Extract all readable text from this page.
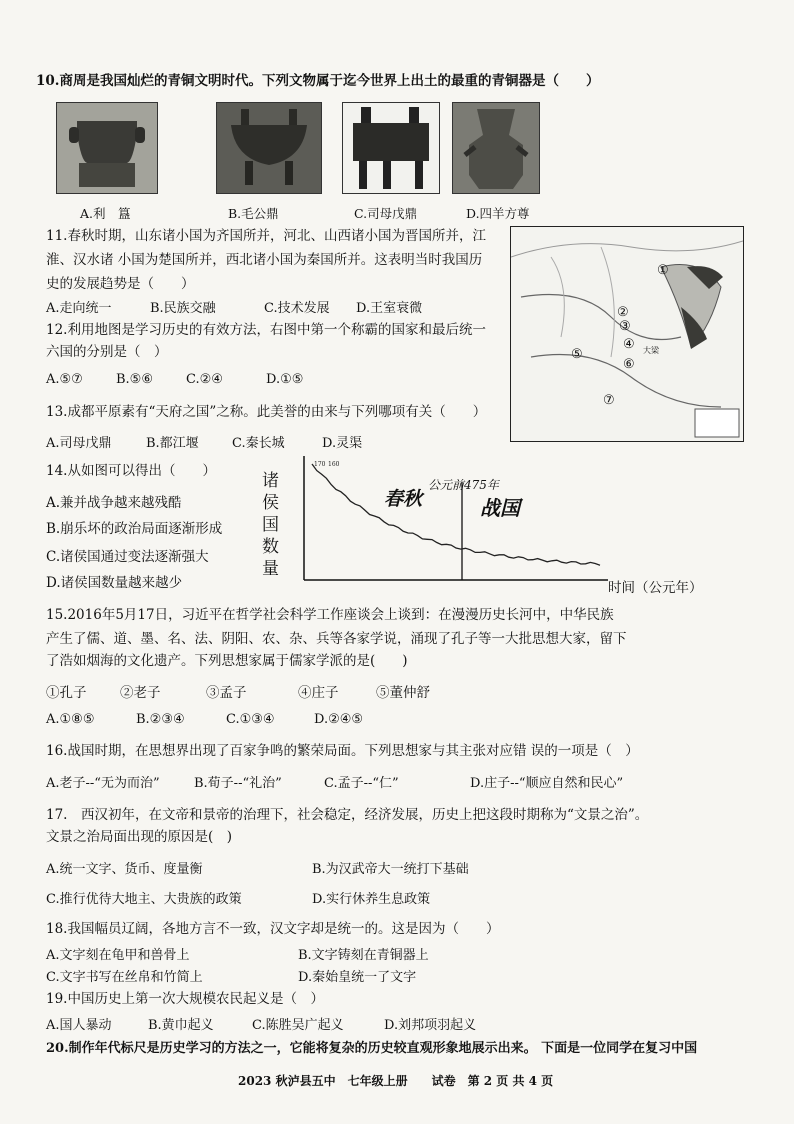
10.商周是我国灿烂的青铜文明时代。下列文物属于迄今世界上出土的最重的青铜器是（　　）
A.利　簋	B.毛公鼎	C.司母戊鼎	D.四羊方尊
11.春秋时期，山东诸小国为齐国所并，河北、山西诸小国为晋国所并，江
淮、汉水诸 小国为楚国所并，西北诸小国为秦国所并。这表明当时我国历
史的发展趋势是（　　）
A.走向统一	B.民族交融	C.技术发展 D.王室衰微
①
②
③
④
⑤
⑥
⑦
大梁
12.利用地图是学习历史的有效方法，右图中第一个称霸的国家和最后统一
六国的分别是（　）
A.⑤⑦	B.⑤⑥	C.②④	D.①⑤
13.成都平原素有“天府之国”之称。此美誉的由来与下列哪项有关（　　）
A.司母戊鼎	B.都江堰	C.秦长城	D.灵渠
14.从如图可以得出（　　）
A.兼并战争越来越残酷
B.崩乐坏的政治局面逐渐形成
C.诸侯国通过变法逐渐强大
D.诸侯国数量越来越少
诸侯国数量
170 160
春秋
公元前475年
战国
时间（公元年）
15.2016年5月17日，习近平在哲学社会科学工作座谈会上谈到：在漫漫历史长河中，中华民族
产生了儒、道、墨、名、法、阴阳、农、杂、兵等各家学说，涌现了孔子等一大批思想大家，留下
了浩如烟海的文化遗产。下列思想家属于儒家学派的是(　　)
①孔子 ②老子	③孟子	④庄子	⑤董仲舒
A.①⑧⑤	B.②③④	C.①③④	D.②④⑤
16.战国时期，在思想界出现了百家争鸣的繁荣局面。下列思想家与其主张对应错 误的一项是（　）
A.老子--“无为而治”	B.荀子--“礼治”	C.孟子--“仁”	D.庄子--“顺应自然和民心”
17.　西汉初年，在文帝和景帝的治理下，社会稳定，经济发展，历史上把这段时期称为“文景之治”。
文景之治局面出现的原因是(　)
A.统一文字、货币、度量衡	B.为汉武帝大一统打下基础
C.推行优待大地主、大贵族的政策	D.实行休养生息政策
18.我国幅员辽阔，各地方言不一致，汉文字却是统一的。这是因为（　　）
A.文字刻在龟甲和兽骨上	B.文字铸刻在青铜器上
C.文字书写在丝帛和竹简上	D.秦始皇统一了文字
19.中国历史上第一次大规模农民起义是（　）
A.国人暴动	B.黄巾起义	C.陈胜吴广起义	D.刘邦项羽起义
20.制作年代标尺是历史学习的方法之一，它能将复杂的历史较直观形象地展示出来。 下面是一位同学在复习中国
2023 秋泸县五中　七年级上册　　试卷　第 2 页 共 4 页
